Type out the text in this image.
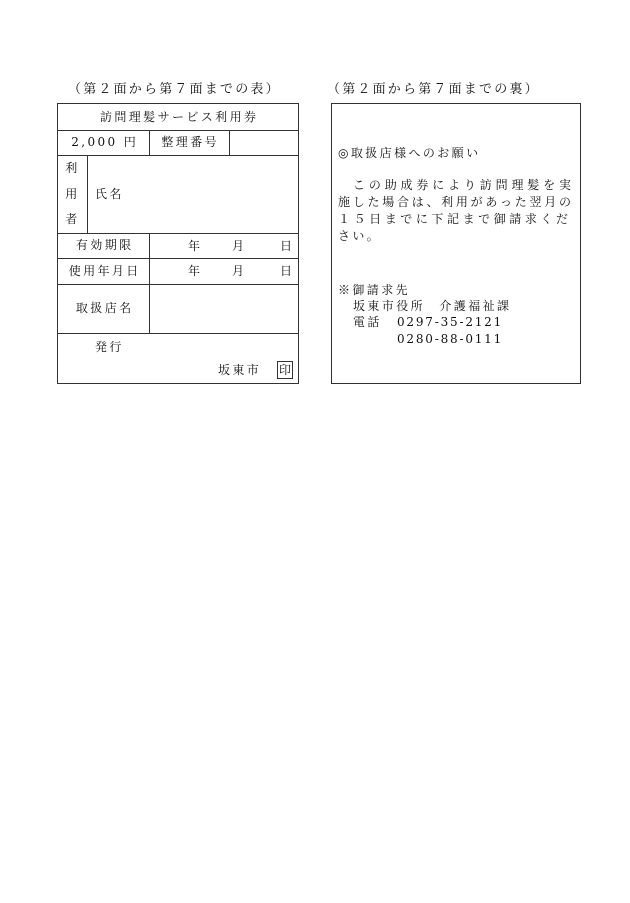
（第２面から第７面までの表）	（第２面から第７面までの裏）
訪問理髪サービス利用券
2,000 円	整理番号
利
用
者
氏名
有効期限	年 月	日
使用年月日	年 月	日
取扱店名
発行
坂東市 印
◎取扱店様へのお願い
この助成券により訪問理髪を実
施した場合は、利用があった翌月の
１５日までに下記まで御請求くだ
さい。
※御請求先
坂東市役所　介護福祉課
電話 0297-35-2121
0280-88-0111
